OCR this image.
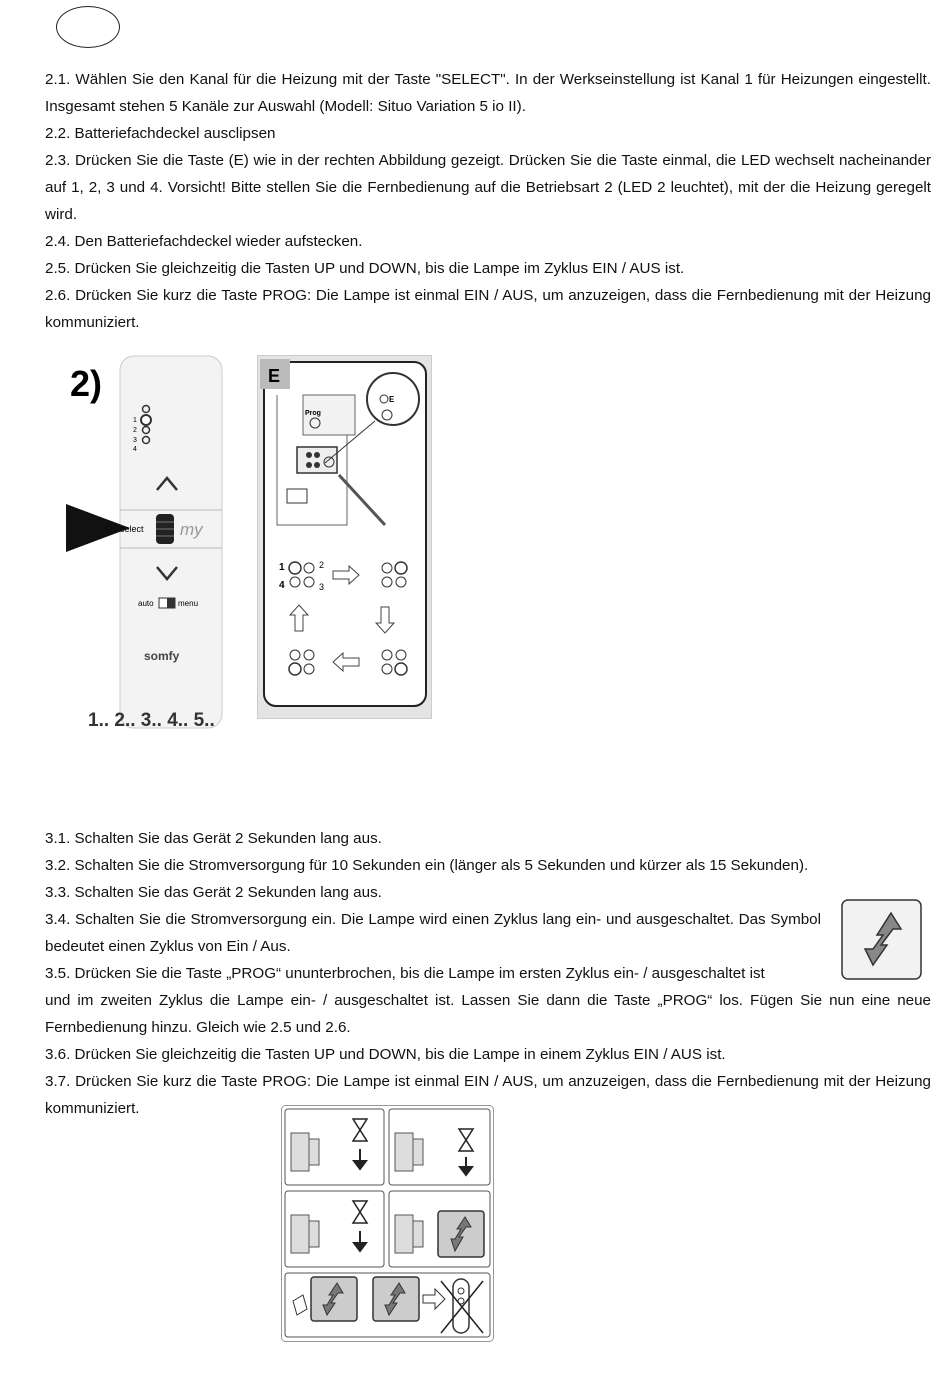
2.1. Wählen Sie den Kanal für die Heizung mit der Taste "SELECT". In der Werkseinstellung ist Kanal 1 für Heizungen eingestellt. Insgesamt stehen 5 Kanäle zur Auswahl (Modell: Situo Variation 5 io II).

2.2. Batteriefachdeckel ausclipsen

2.3. Drücken Sie die Taste (E) wie in der rechten Abbildung gezeigt. Drücken Sie die Taste einmal, die LED wechselt nacheinander auf 1, 2, 3 und 4. Vorsicht! Bitte stellen Sie die Fernbedienung auf die Betriebsart 2 (LED 2 leuchtet), mit der die Heizung geregelt wird.

2.4. Den Batteriefachdeckel wieder aufstecken.

2.5. Drücken Sie gleichzeitig die Tasten UP und DOWN, bis die Lampe im Zyklus EIN / AUS ist.

2.6. Drücken Sie kurz die Taste PROG: Die Lampe ist einmal EIN / AUS, um anzuzeigen, dass die Fernbedienung mit der Heizung kommuniziert.

2)
1
2
3
4
select my
auto	menu
somfy
1.. 2.. 3.. 4.. 5..
E
Prog
E
1	2
3
4

3.1. Schalten Sie das Gerät 2 Sekunden lang aus.

3.2. Schalten Sie die Stromversorgung für 10 Sekunden ein (länger als 5 Sekunden und kürzer als 15 Sekunden).

3.3. Schalten Sie das Gerät 2 Sekunden lang aus.

3.4. Schalten Sie die Stromversorgung ein. Die Lampe wird einen Zyklus lang ein- und ausgeschaltet. Das Symbol bedeutet einen Zyklus von Ein / Aus.

3.5. Drücken Sie die Taste „PROG“ ununterbrochen, bis die Lampe im ersten Zyklus ein- / ausgeschaltet ist

und im zweiten Zyklus die Lampe ein- / ausgeschaltet ist. Lassen Sie dann die Taste „PROG“ los. Fügen Sie nun eine neue Fernbedienung hinzu. Gleich wie 2.5 und 2.6.

3.6. Drücken Sie gleichzeitig die Tasten UP und DOWN, bis die Lampe in einem Zyklus EIN / AUS ist.

3.7. Drücken Sie kurz die Taste PROG: Die Lampe ist einmal EIN / AUS, um anzuzeigen, dass die Fernbedienung mit der Heizung kommuniziert.
